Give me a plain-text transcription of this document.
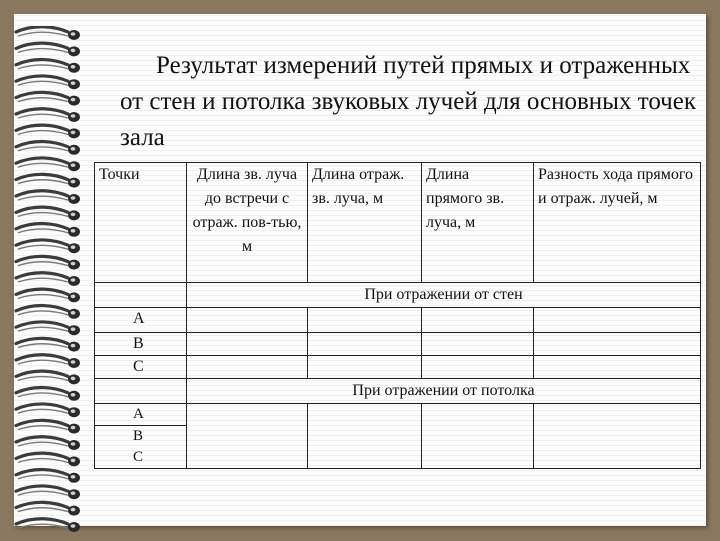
Результат измерений путей прямых и отраженных от стен и потолка звуковых лучей для основных точек зала
Точки	Длина зв. луча до встречи с отраж. пов-тью, м	Длина отраж. зв. луча, м	Длина прямого зв. луча, м	Разность хода прямого и отраж. лучей, м
	При отражении от стен			
А				
В				
С				
	При отражении от потолка			
А				
В				
С				
